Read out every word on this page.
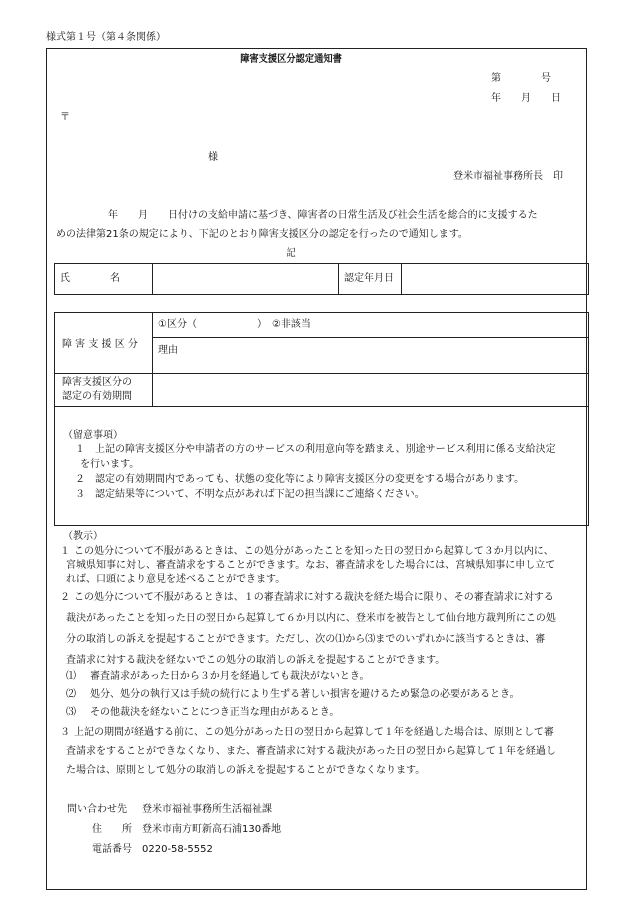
様式第１号（第４条関係）
障害支援区分認定通知書
第　　　　号
年　　月　　日
〒
様
登米市福祉事務所長　印
年　　月　　日付けの支給申請に基づき、障害者の日常生活及び社会生活を総合的に支援するた
めの法律第21条の規定により、下記のとおり障害支援区分の認定を行ったので通知します。
記
氏　　　　名	認定年月日
障 害 支 援 区 分
①区分（　　　　　　）　②非該当
理由
障害支援区分の
認定の有効期間
（留意事項）
１ 上記の障害支援区分や申請者の方のサービスの利用意向等を踏まえ、別途サービス利用に係る支給決定
を行います。
２ 認定の有効期間内であっても、状態の変化等により障害支援区分の変更をする場合があります。
３ 認定結果等について、不明な点があれば下記の担当課にご連絡ください。
（教示）
１ この処分について不服があるときは、この処分があったことを知った日の翌日から起算して３か月以内に、
宮城県知事に対し、審査請求をすることができます。なお、審査請求をした場合には、宮城県知事に申し立て
れば、口頭により意見を述べることができます。
２ この処分について不服があるときは、１の審査請求に対する裁決を経た場合に限り、その審査請求に対する
裁決があったことを知った日の翌日から起算して６か月以内に、登米市を被告として仙台地方裁判所にこの処
分の取消しの訴えを提起することができます。ただし、次の⑴から⑶までのいずれかに該当するときは、審
査請求に対する裁決を経ないでこの処分の取消しの訴えを提起することができます。
⑴ 審査請求があった日から３か月を経過しても裁決がないとき。
⑵ 処分、処分の執行又は手続の続行により生ずる著しい損害を避けるため緊急の必要があるとき。
⑶ その他裁決を経ないことにつき正当な理由があるとき。
３ 上記の期間が経過する前に、この処分があった日の翌日から起算して１年を経過した場合は、原則として審
査請求をすることができなくなり、また、審査請求に対する裁決があった日の翌日から起算して１年を経過し
た場合は、原則として処分の取消しの訴えを提起することができなくなります。
問い合わせ先 登米市福祉事務所生活福祉課
住　　所 登米市南方町新高石浦130番地
電話番号 0220-58-5552
